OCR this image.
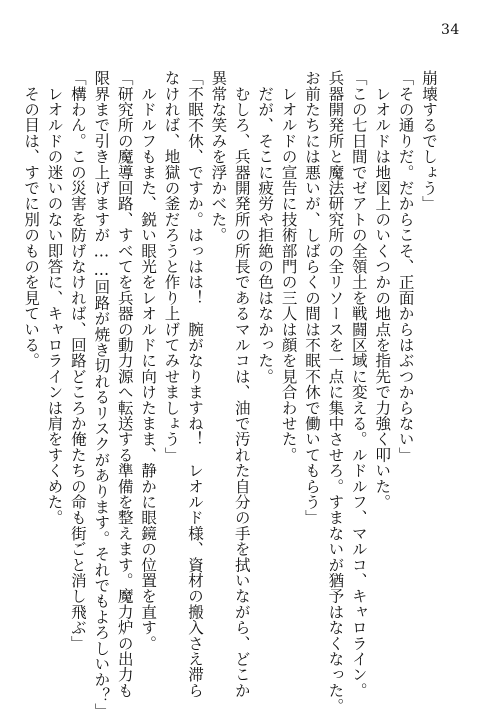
34
崩壊するでしょう」
「その通りだ。だからこそ、正面からはぶつからない」
　レオルドは地図上のいくつかの地点を指先で力強く叩いた。
「この七日間でゼアトの全領土を戦闘区域に変える。ルドルフ、マルコ、キャロライン。
兵器開発所と魔法研究所の全リソースを一点に集中させろ。すまないが猶予はなくなった。
お前たちには悪いが、しばらくの間は不眠不休で働いてもらう」
　レオルドの宣告に技術部門の三人は顔を見合わせた。
　だが、そこに疲労や拒絶の色はなかった。
　むしろ、兵器開発所の所長であるマルコは、油で汚れた自分の手を拭いながら、どこか
異常な笑みを浮かべた。
「不眠不休、ですか。はっはは！　腕がなりますね！　レオルド様、資材の搬入さえ滞ら
なければ、地獄の釜だろうと作り上げてみせましょう」
　ルドルフもまた、鋭い眼光をレオルドに向けたまま、静かに眼鏡の位置を直す。
「研究所の魔導回路、すべてを兵器の動力源へ転送する準備を整えます。魔力炉の出力も
限界まで引き上げますが……回路が焼き切れるリスクがあります。それでもよろしいか？」
「構わん。この災害を防げなければ、回路どころか俺たちの命も街ごと消し飛ぶ」
　レオルドの迷いのない即答に、キャロラインは肩をすくめた。
　その目は、すでに別のものを見ている。
